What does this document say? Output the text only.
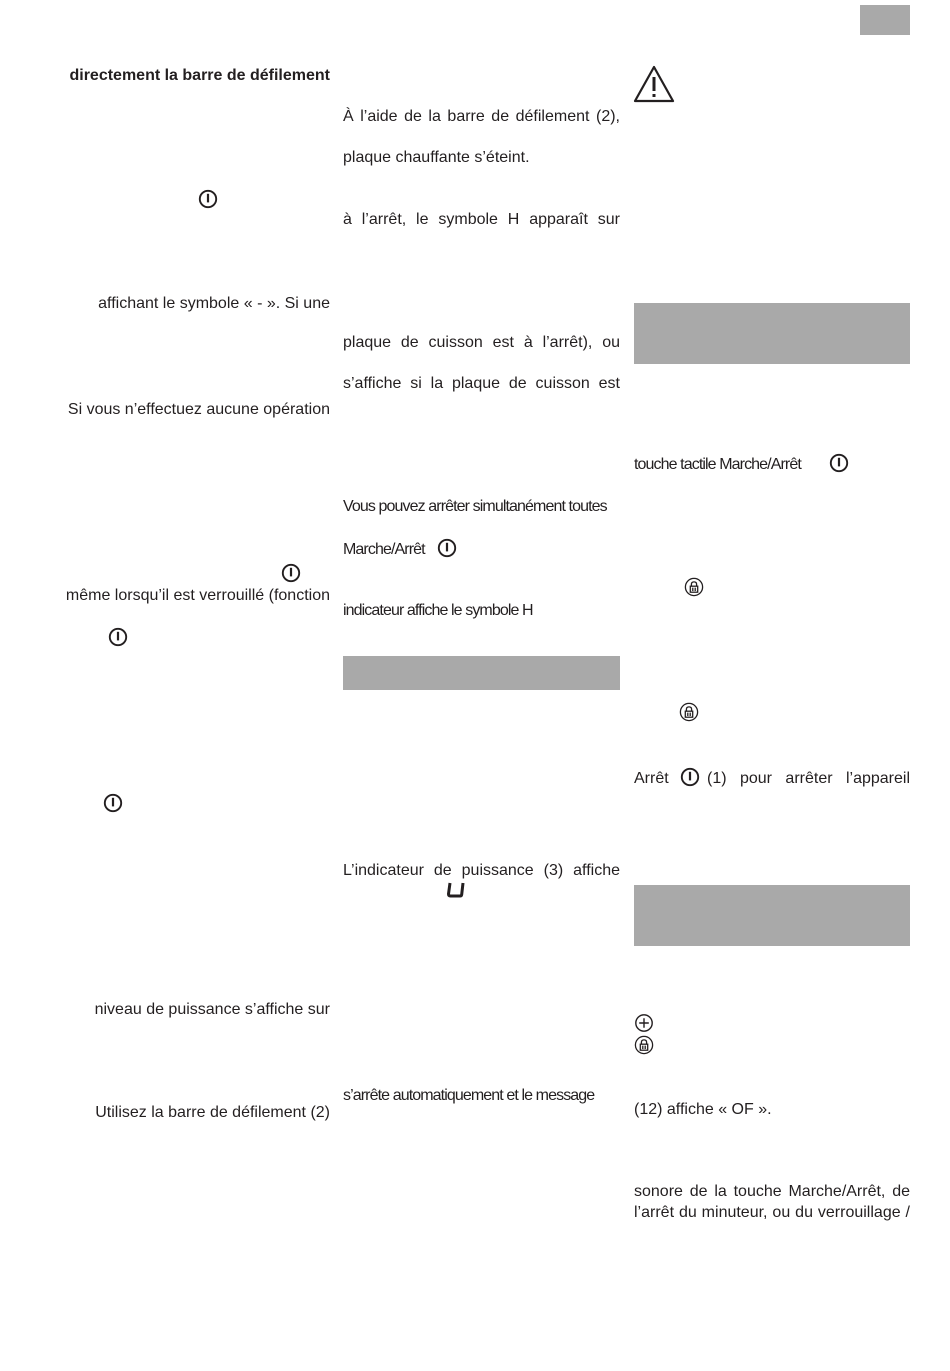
directement la barre de défilement
affichant le symbole « - ». Si une
Si vous n’effectuez aucune opération
même lorsqu’il est verrouillé (fonction
niveau de puissance s’affiche sur
Utilisez la barre de défilement (2)
À l’aide de la barre de défilement (2),
plaque chauffante s’éteint.
à l’arrêt, le symbole H apparaît sur
plaque de cuisson est à l’arrêt), ou
s’affiche si la plaque de cuisson est
Vous pouvez arrêter simultanément toutes
Marche/Arrêt
indicateur affiche le symbole H
L’indicateur de puissance (3) affiche
s’arrête automatiquement et le message
touche tactile Marche/Arrêt
Arrêt (1) pour arrêter l’appareil
(12) affiche « OF ».
sonore de la touche Marche/Arrêt, de
l’arrêt du minuteur, ou du verrouillage /
